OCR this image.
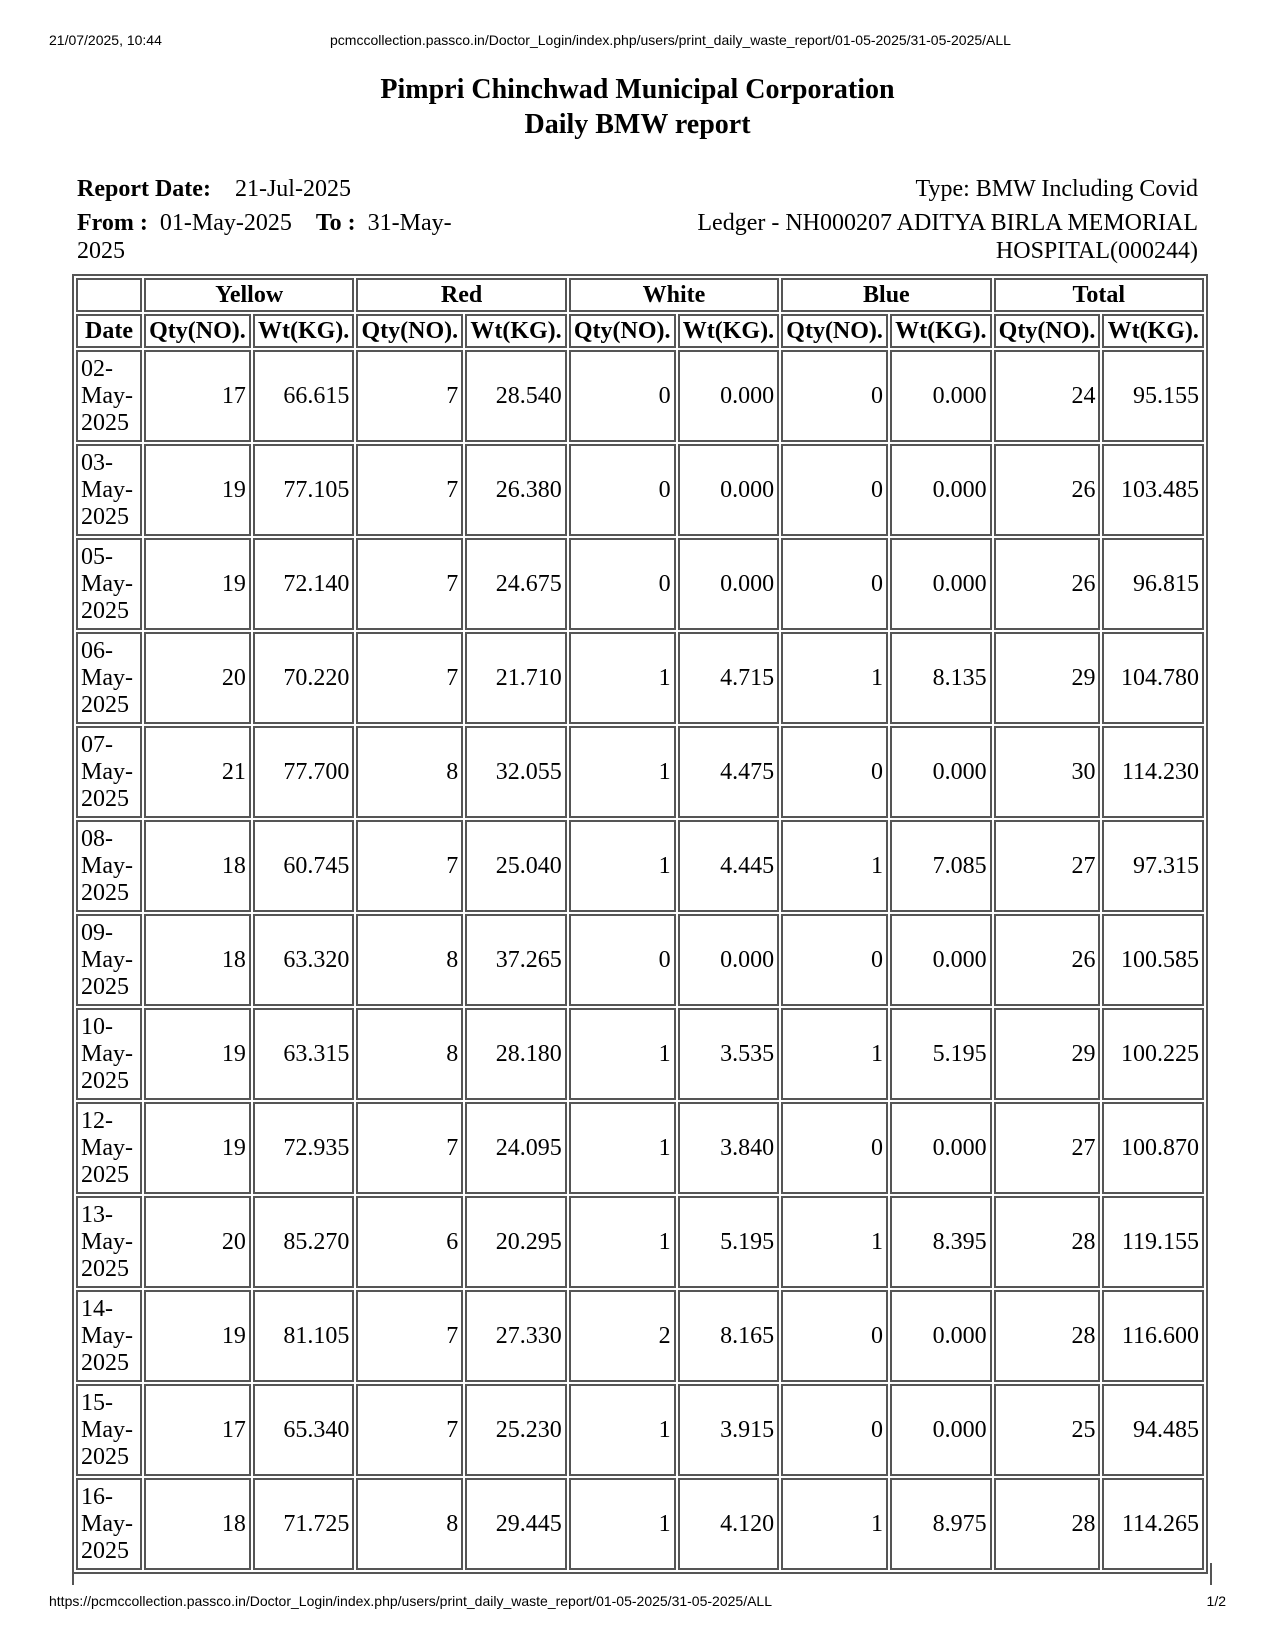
21/07/2025, 10:44	pcmccollection.passco.in/Doctor_Login/index.php/users/print_daily_waste_report/01-05-2025/31-05-2025/ALL
Pimpri Chinchwad Municipal Corporation
Daily BMW report
Report Date: 21-Jul-2025
From : 01-May-2025 To : 31-May-2025
Type: BMW Including Covid
Ledger - NH000207 ADITYA BIRLA MEMORIAL HOSPITAL(000244)
	Yellow		Red		White		Blue		Total	
Date	Qty(NO).	Wt(KG).	Qty(NO).	Wt(KG).	Qty(NO).	Wt(KG).	Qty(NO).	Wt(KG).	Qty(NO).	Wt(KG).
02-
May-
2025	17	66.615	7	28.540	0	0.000	0	0.000	24	95.155
03-
May-
2025	19	77.105	7	26.380	0	0.000	0	0.000	26	103.485
05-
May-
2025	19	72.140	7	24.675	0	0.000	0	0.000	26	96.815
06-
May-
2025	20	70.220	7	21.710	1	4.715	1	8.135	29	104.780
07-
May-
2025	21	77.700	8	32.055	1	4.475	0	0.000	30	114.230
08-
May-
2025	18	60.745	7	25.040	1	4.445	1	7.085	27	97.315
09-
May-
2025	18	63.320	8	37.265	0	0.000	0	0.000	26	100.585
10-
May-
2025	19	63.315	8	28.180	1	3.535	1	5.195	29	100.225
12-
May-
2025	19	72.935	7	24.095	1	3.840	0	0.000	27	100.870
13-
May-
2025	20	85.270	6	20.295	1	5.195	1	8.395	28	119.155
14-
May-
2025	19	81.105	7	27.330	2	8.165	0	0.000	28	116.600
15-
May-
2025	17	65.340	7	25.230	1	3.915	0	0.000	25	94.485
16-
May-
2025	18	71.725	8	29.445	1	4.120	1	8.975	28	114.265
https://pcmccollection.passco.in/Doctor_Login/index.php/users/print_daily_waste_report/01-05-2025/31-05-2025/ALL	1/2
